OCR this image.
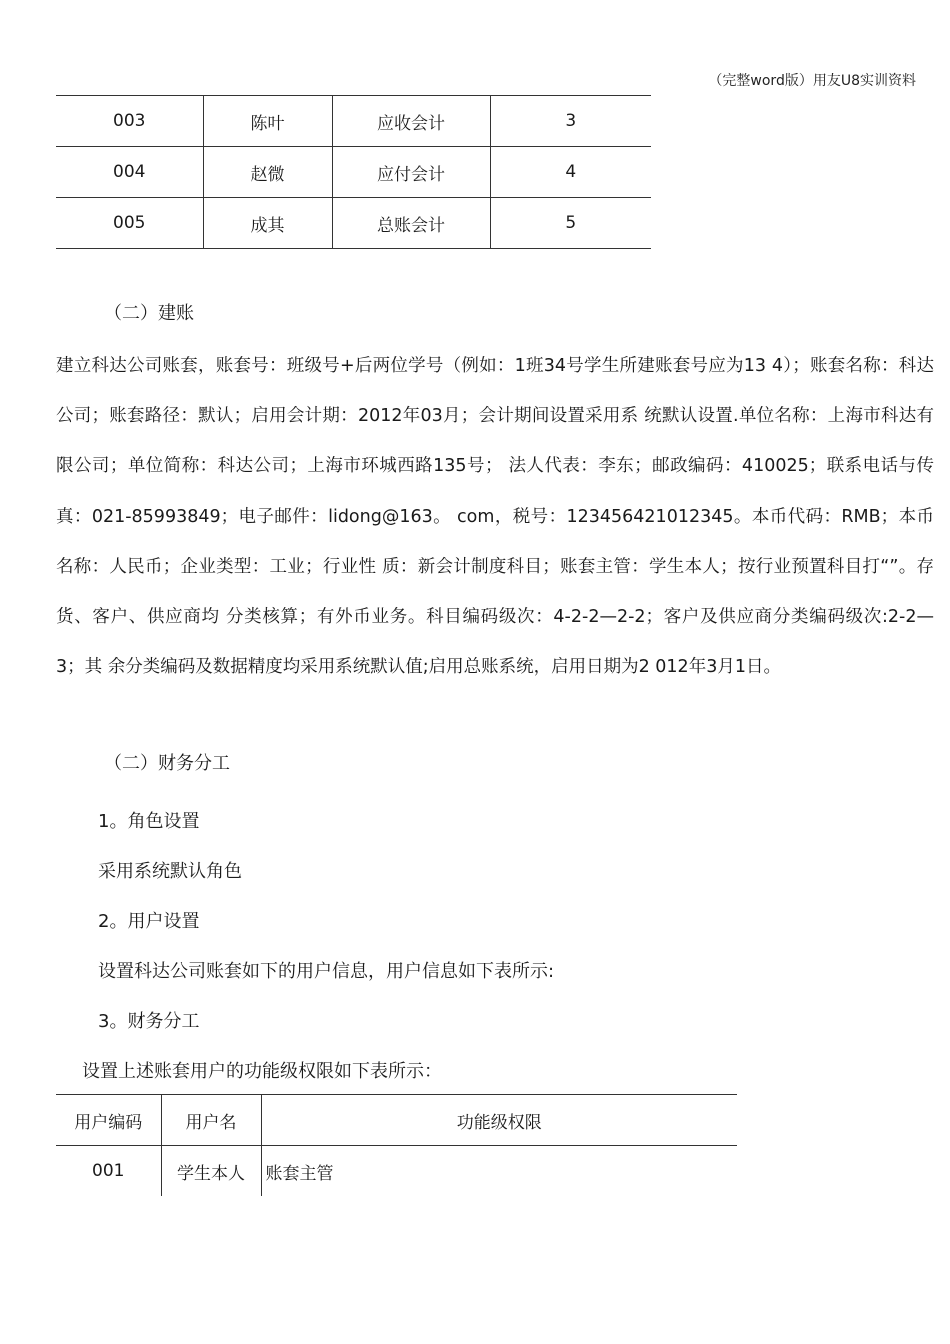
（完整word版）用友U8实训资料
003	陈叶	应收会计	3
004	赵微	应付会计	4
005	成其	总账会计	5
（二）建账

建立科达公司账套，账套号：班级号+后两位学号（例如：1班34号学生所建账套号应为13 4）；账套名称：科达公司；账套路径：默认；启用会计期：2012年03月；会计期间设置采用系 统默认设置.单位名称：上海市科达有限公司；单位简称：科达公司；上海市环城西路135号； 法人代表：李东；邮政编码：410025；联系电话与传真：021-85993849；电子邮件：lidong@163。 com，税号：123456421012345。本币代码：RMB；本币名称：人民币；企业类型：工业；行业性 质：新会计制度科目；账套主管：学生本人；按行业预置科目打“”。存货、客户、供应商均 分类核算；有外币业务。科目编码级次：4-2-2—2-2；客户及供应商分类编码级次:2-2—3；其 余分类编码及数据精度均采用系统默认值;启用总账系统，启用日期为2 012年3月1日。

（二）财务分工
1。角色设置
采用系统默认角色
2。用户设置
设置科达公司账套如下的用户信息，用户信息如下表所示:
3。财务分工
设置上述账套用户的功能级权限如下表所示：
用户编码	用户名	功能级权限
001	学生本人	账套主管
